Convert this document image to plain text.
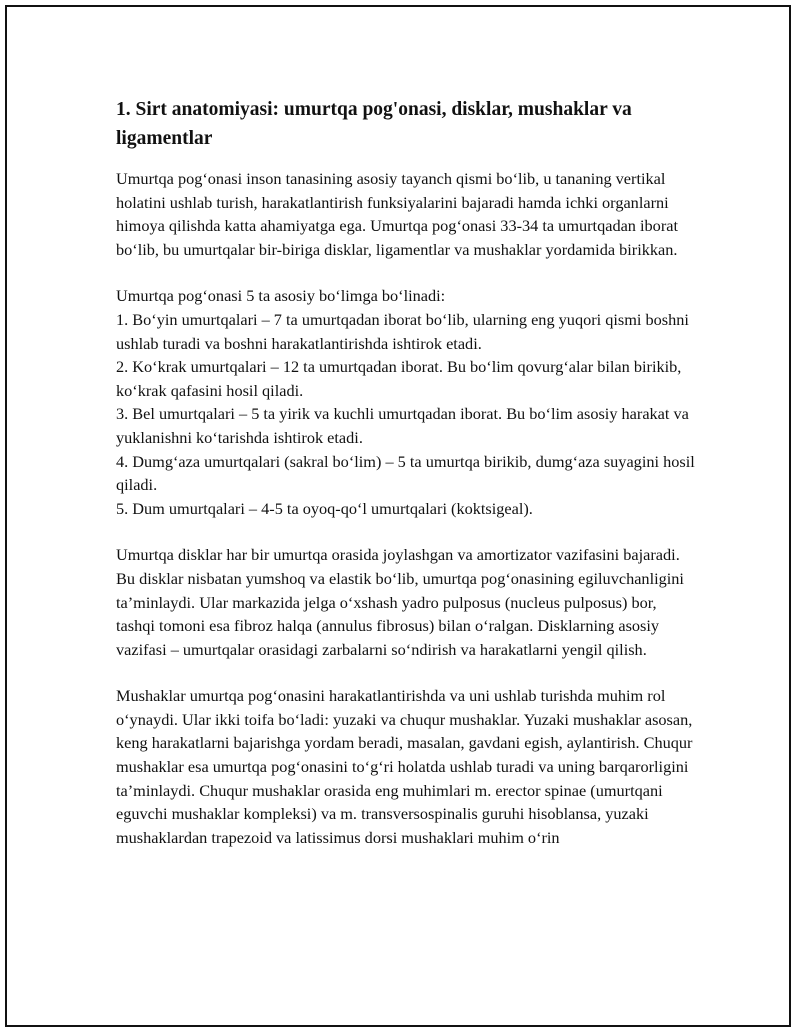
1. Sirt anatomiyasi: umurtqa pog'onasi, disklar, mushaklar va ligamentlar

Umurtqa pog‘onasi inson tanasining asosiy tayanch qismi bo‘lib, u tananing vertikal holatini ushlab turish, harakatlantirish funksiyalarini bajaradi hamda ichki organlarni himoya qilishda katta ahamiyatga ega. Umurtqa pog‘onasi 33-34 ta umurtqadan iborat bo‘lib, bu umurtqalar bir-biriga disklar, ligamentlar va mushaklar yordamida birikkan.

Umurtqa pog‘onasi 5 ta asosiy bo‘limga bo‘linadi:
1. Bo‘yin umurtqalari – 7 ta umurtqadan iborat bo‘lib, ularning eng yuqori qismi boshni ushlab turadi va boshni harakatlantirishda ishtirok etadi.
2. Ko‘krak umurtqalari – 12 ta umurtqadan iborat. Bu bo‘lim qovurg‘alar bilan birikib, ko‘krak qafasini hosil qiladi.
3. Bel umurtqalari – 5 ta yirik va kuchli umurtqadan iborat. Bu bo‘lim asosiy harakat va yuklanishni ko‘tarishda ishtirok etadi.
4. Dumg‘aza umurtqalari (sakral bo‘lim) – 5 ta umurtqa birikib, dumg‘aza suyagini hosil qiladi.
5. Dum umurtqalari – 4-5 ta oyoq-qo‘l umurtqalari (koktsigeal).

Umurtqa disklar har bir umurtqa orasida joylashgan va amortizator vazifasini bajaradi. Bu disklar nisbatan yumshoq va elastik bo‘lib, umurtqa pog‘onasining egiluvchanligini ta’minlaydi. Ular markazida jelga o‘xshash yadro pulposus (nucleus pulposus) bor, tashqi tomoni esa fibroz halqa (annulus fibrosus) bilan o‘ralgan. Disklarning asosiy vazifasi – umurtqalar orasidagi zarbalarni so‘ndirish va harakatlarni yengil qilish.

Mushaklar umurtqa pog‘onasini harakatlantirishda va uni ushlab turishda muhim rol o‘ynaydi. Ular ikki toifa bo‘ladi: yuzaki va chuqur mushaklar. Yuzaki mushaklar asosan, keng harakatlarni bajarishga yordam beradi, masalan, gavdani egish, aylantirish. Chuqur mushaklar esa umurtqa pog‘onasini to‘g‘ri holatda ushlab turadi va uning barqarorligini ta’minlaydi. Chuqur mushaklar orasida eng muhimlari m. erector spinae (umurtqani eguvchi mushaklar kompleksi) va m. transversospinalis guruhi hisoblansa, yuzaki mushaklardan trapezoid va latissimus dorsi mushaklari muhim o‘rin
